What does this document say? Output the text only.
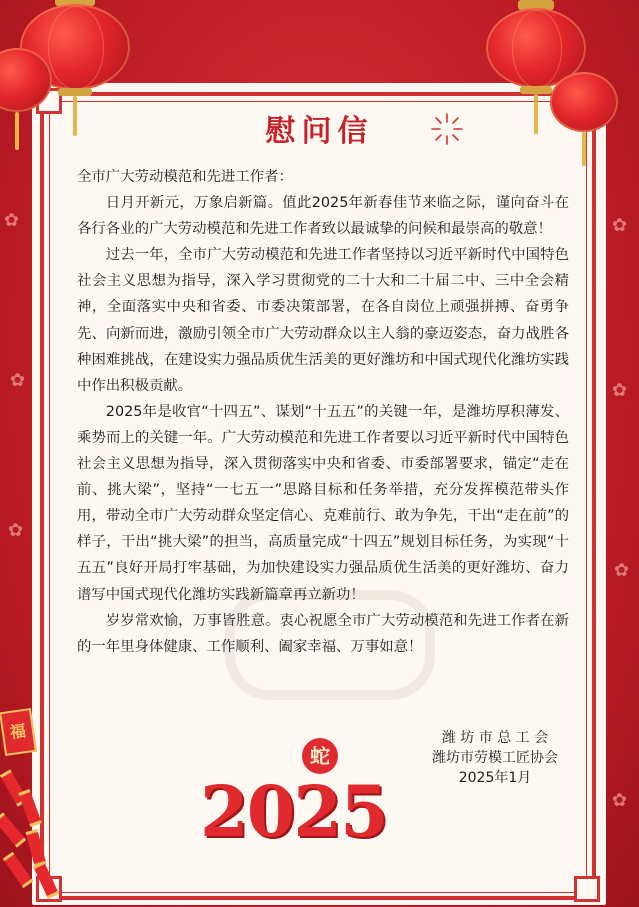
✿
✿
✿
✿
✿
✿
✿
慰问信

全市广大劳动模范和先进工作者：

日月开新元，万象启新篇。值此2025年新春佳节来临之际，谨向奋斗在各行各业的广大劳动模范和先进工作者致以最诚挚的问候和最崇高的敬意！

过去一年，全市广大劳动模范和先进工作者坚持以习近平新时代中国特色社会主义思想为指导，深入学习贯彻党的二十大和二十届二中、三中全会精神，全面落实中央和省委、市委决策部署，在各自岗位上顽强拼搏、奋勇争先、向新而进，激励引领全市广大劳动群众以主人翁的豪迈姿态，奋力战胜各种困难挑战，在建设实力强品质优生活美的更好潍坊和中国式现代化潍坊实践中作出积极贡献。

2025年是收官“十四五”、谋划“十五五”的关键一年，是潍坊厚积薄发、乘势而上的关键一年。广大劳动模范和先进工作者要以习近平新时代中国特色社会主义思想为指导，深入贯彻落实中央和省委、市委部署要求，锚定“走在前、挑大梁”，坚持“一七五一”思路目标和任务举措，充分发挥模范带头作用，带动全市广大劳动群众坚定信心、克难前行、敢为争先，干出“走在前”的样子，干出“挑大梁”的担当，高质量完成“十四五”规划目标任务，为实现“十五五”良好开局打牢基础，为加快建设实力强品质优生活美的更好潍坊、奋力谱写中国式现代化潍坊实践新篇章再立新功！

岁岁常欢愉，万事皆胜意。衷心祝愿全市广大劳动模范和先进工作者在新的一年里身体健康、工作顺利、阖家幸福、万事如意！

潍 坊 市 总 工 会
潍坊市劳模工匠协会
2025年1月
蛇
2025
福
